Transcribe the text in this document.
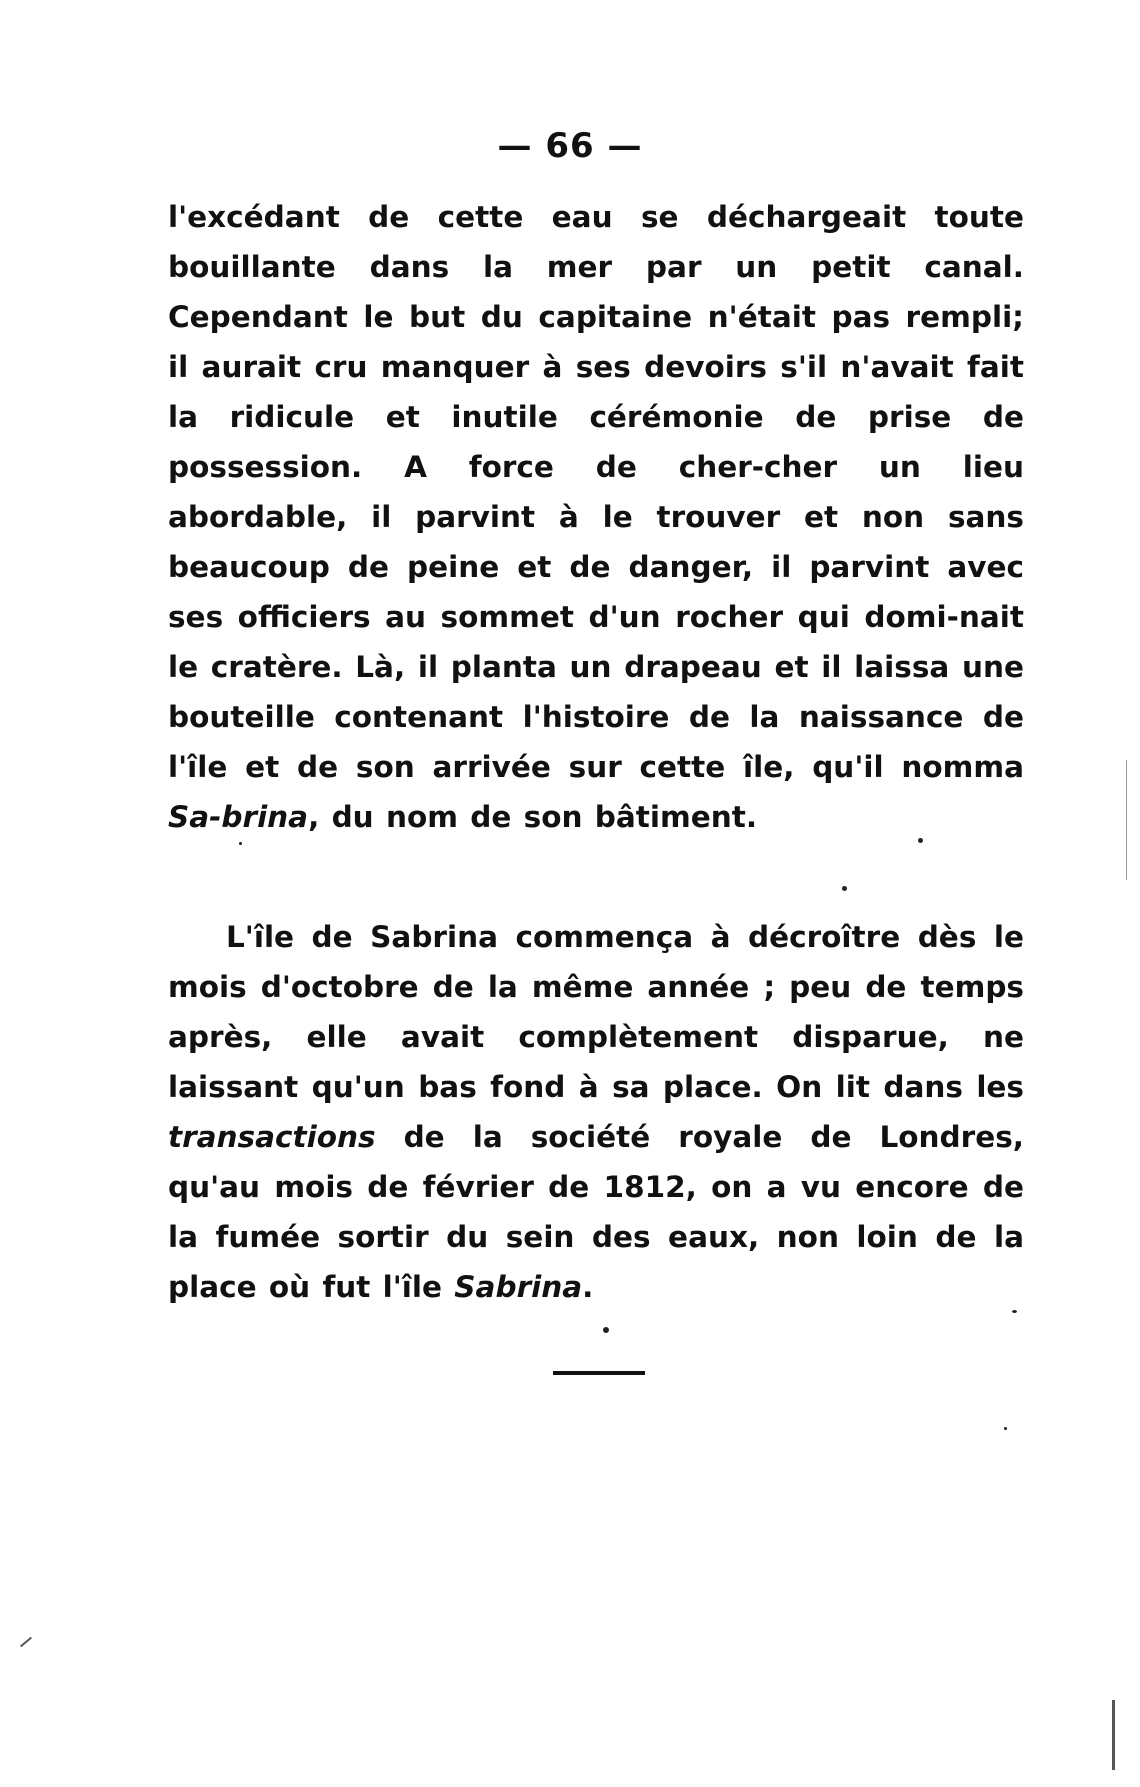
— 66 —

l'excédant de cette eau se déchargeait toute bouillante dans la mer par un petit canal. Cependant le but du capitaine n'était pas rempli; il aurait cru manquer à ses devoirs s'il n'avait fait la ridicule et inutile cérémonie de prise de possession. A force de cher-cher un lieu abordable, il parvint à le trouver et non sans beaucoup de peine et de danger, il parvint avec ses officiers au sommet d'un rocher qui domi-nait le cratère. Là, il planta un drapeau et il laissa une bouteille contenant l'histoire de la naissance de l'île et de son arrivée sur cette île, qu'il nomma Sa-brina, du nom de son bâtiment.

L'île de Sabrina commença à décroître dès le mois d'octobre de la même année ; peu de temps après, elle avait complètement disparue, ne laissant qu'un bas fond à sa place. On lit dans les transactions de la société royale de Londres, qu'au mois de février de 1812, on a vu encore de la fumée sortir du sein des eaux, non loin de la place où fut l'île Sabrina.
